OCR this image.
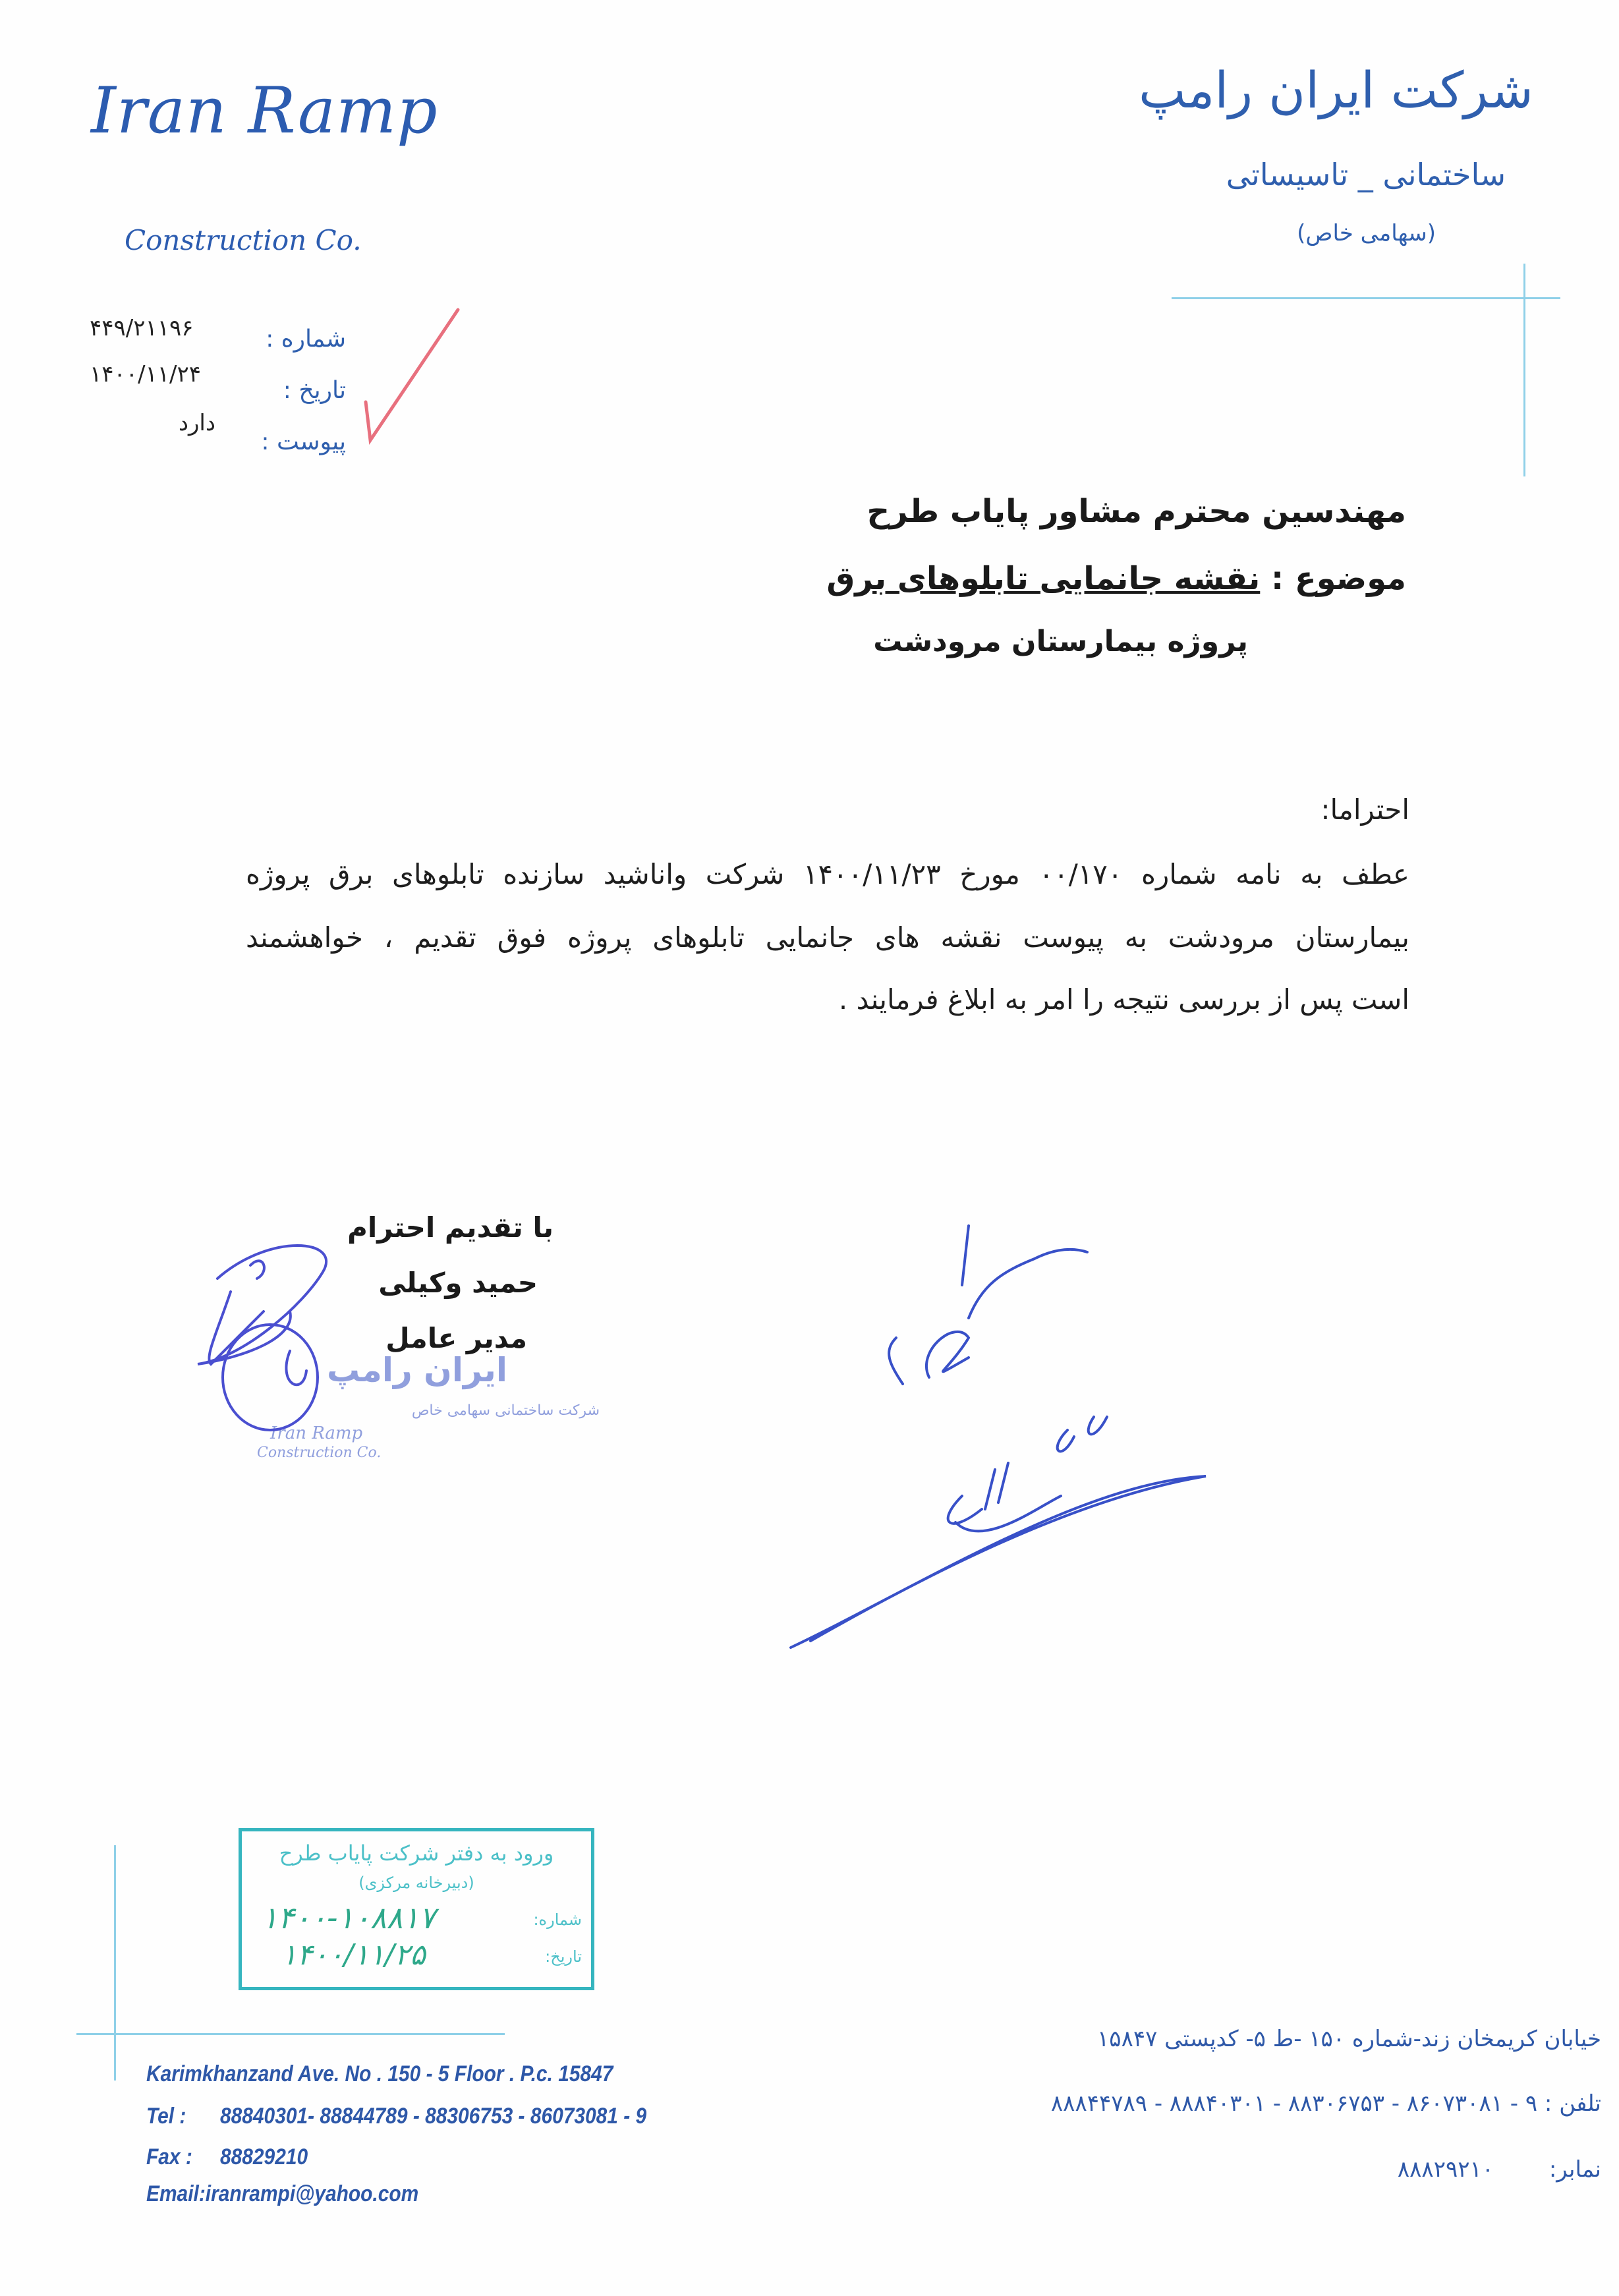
Iran Ramp
Construction Co.
شرکت ایران رامپ
ساختمانی _ تاسیساتی
(سهامی خاص)
شماره :
تاریخ :
پیوست :
۴۴۹/۲۱۱۹۶
۱۴۰۰/۱۱/۲۴
دارد
مهندسین محترم مشاور پایاب طرح
موضوع : نقشه جانمایی تابلوهای برق
پروژه بیمارستان مرودشت
احتراما:
عطف به نامه شماره ۰۰/۱۷۰ مورخ ۱۴۰۰/۱۱/۲۳ شرکت واناشید سازنده تابلوهای برق پروژه
بیمارستان مرودشت به پیوست نقشه های جانمایی تابلوهای پروژه فوق تقدیم ، خواهشمند
است پس از بررسی نتیجه را امر به ابلاغ فرمایند .
با تقدیم احترام
حمید وکیلی
مدیر عامل
ایران رامپ
شرکت ساختمانی سهامی خاص
Iran Ramp
Construction Co.
ورود به دفتر شرکت پایاب طرح
(دبیرخانه مرکزی)
شماره:
۱۴۰۰-۱۰۸۸۱۷
تاریخ:
۱۴۰۰/۱۱/۲۵
Karimkhanzand Ave. No . 150 - 5 Floor . P.c. 15847
Tel : 88840301- 88844789 - 88306753 - 86073081 - 9
Fax : 88829210
Email:iranrampi@yahoo.com
خیابان کریمخان زند-شماره ۱۵۰ -ط ۵- کدپستی ۱۵۸۴۷
تلفن : ۹ - ۸۶۰۷۳۰۸۱ - ۸۸۳۰۶۷۵۳ - ۸۸۸۴۰۳۰۱ - ۸۸۸۴۴۷۸۹
نمابر:
۸۸۸۲۹۲۱۰
